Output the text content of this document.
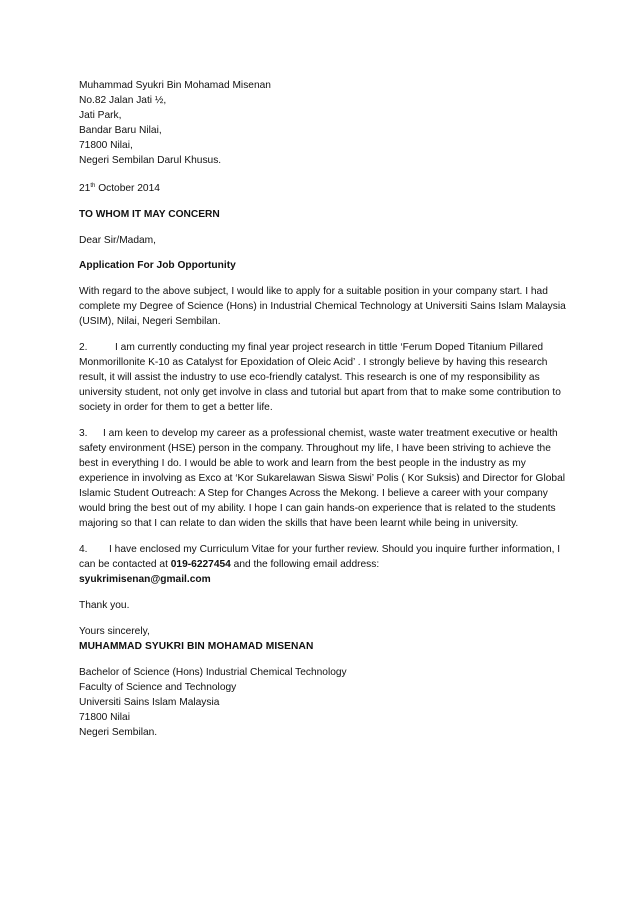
Muhammad Syukri Bin Mohamad Misenan
No.82 Jalan Jati ½,
Jati Park,
Bandar Baru Nilai,
71800 Nilai,
Negeri Sembilan Darul Khusus.
21th October 2014
TO WHOM IT MAY CONCERN
Dear Sir/Madam,
Application For Job Opportunity

With regard to the above subject, I would like to apply for a suitable position in your company start. I had complete my Degree of Science (Hons) in Industrial Chemical Technology at Universiti Sains Islam Malaysia (USIM), Nilai, Negeri Sembilan.

2.	I am currently conducting my final year project research in tittle ‘Ferum Doped Titanium Pillared Monmorillonite K-10 as Catalyst for Epoxidation of Oleic Acid’ . I strongly believe by having this research result, it will assist the industry to use eco-friendly catalyst. This research is one of my responsibility as university student, not only get involve in class and tutorial but apart from that to make some contribution to society in order for them to get a better life.

3. I am keen to develop my career as a professional chemist, waste water treatment executive or health safety environment (HSE) person in the company. Throughout my life, I have been striving to achieve the best in everything I do. I would be able to work and learn from the best people in the industry as my experience in involving as Exco at ‘Kor Sukarelawan Siswa Siswi’ Polis ( Kor Suksis) and Director for Global Islamic Student Outreach: A Step for Changes Across the Mekong. I believe a career with your company would bring the best out of my ability. I hope I can gain hands-on experience that is related to the students majoring so that I can relate to dan widen the skills that have been learnt while being in university.

4. I have enclosed my Curriculum Vitae for your further review. Should you inquire further information, I can be contacted at 019-6227454 and the following email address:
syukrimisenan@gmail.com

Thank you.
Yours sincerely,
MUHAMMAD SYUKRI BIN MOHAMAD MISENAN
Bachelor of Science (Hons) Industrial Chemical Technology
Faculty of Science and Technology
Universiti Sains Islam Malaysia
71800 Nilai
Negeri Sembilan.
